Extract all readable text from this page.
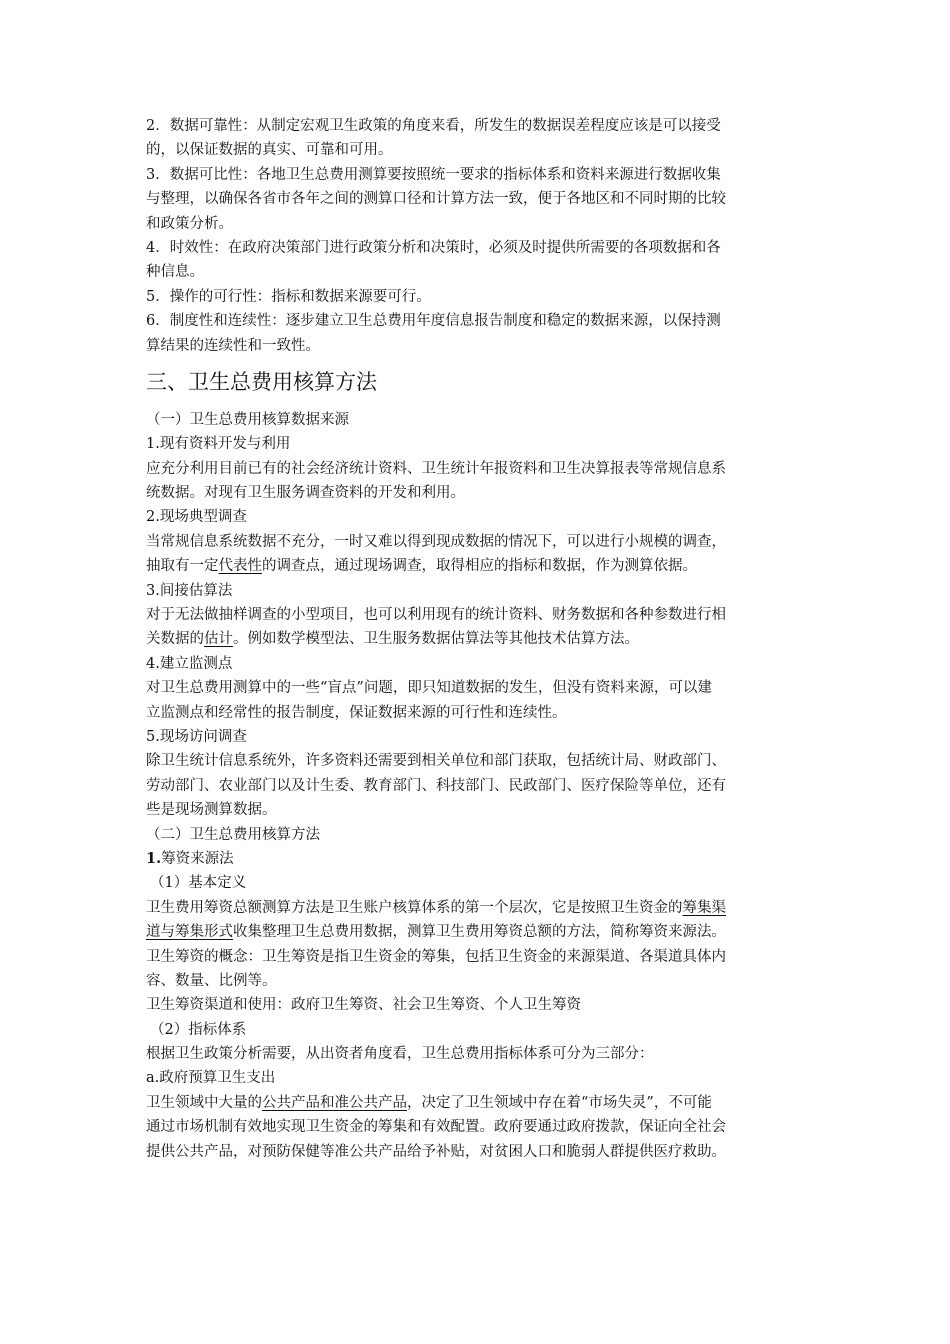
2．数据可靠性：从制定宏观卫生政策的角度来看，所发生的数据误差程度应该是可以接受
的，以保证数据的真实、可靠和可用。
3．数据可比性：各地卫生总费用测算要按照统一要求的指标体系和资料来源进行数据收集
与整理，以确保各省市各年之间的测算口径和计算方法一致，便于各地区和不同时期的比较
和政策分析。
4．时效性：在政府决策部门进行政策分析和决策时，必须及时提供所需要的各项数据和各
种信息。
5．操作的可行性：指标和数据来源要可行。
6．制度性和连续性：逐步建立卫生总费用年度信息报告制度和稳定的数据来源，以保持测
算结果的连续性和一致性。
三、卫生总费用核算方法
（一）卫生总费用核算数据来源
1.现有资料开发与利用
应充分利用目前已有的社会经济统计资料、卫生统计年报资料和卫生决算报表等常规信息系
统数据。对现有卫生服务调查资料的开发和利用。
2.现场典型调查
当常规信息系统数据不充分，一时又难以得到现成数据的情况下，可以进行小规模的调查，
抽取有一定代表性的调查点，通过现场调查，取得相应的指标和数据，作为测算依据。
3.间接估算法
对于无法做抽样调查的小型项目，也可以利用现有的统计资料、财务数据和各种参数进行相
关数据的估计。例如数学模型法、卫生服务数据估算法等其他技术估算方法。
4.建立监测点
对卫生总费用测算中的一些“盲点”问题，即只知道数据的发生，但没有资料来源，可以建
立监测点和经常性的报告制度，保证数据来源的可行性和连续性。
5.现场访问调查
除卫生统计信息系统外，许多资料还需要到相关单位和部门获取，包括统计局、财政部门、
劳动部门、农业部门以及计生委、教育部门、科技部门、民政部门、医疗保险等单位，还有
些是现场测算数据。
（二）卫生总费用核算方法
1.筹资来源法
（1）基本定义
卫生费用筹资总额测算方法是卫生账户核算体系的第一个层次，它是按照卫生资金的筹集渠
道与筹集形式收集整理卫生总费用数据，测算卫生费用筹资总额的方法，简称筹资来源法。
卫生筹资的概念：卫生筹资是指卫生资金的筹集，包括卫生资金的来源渠道、各渠道具体内
容、数量、比例等。
卫生筹资渠道和使用：政府卫生筹资、社会卫生筹资、个人卫生筹资
（2）指标体系
根据卫生政策分析需要，从出资者角度看，卫生总费用指标体系可分为三部分：
a.政府预算卫生支出
卫生领域中大量的公共产品和准公共产品，决定了卫生领域中存在着“市场失灵”，不可能
通过市场机制有效地实现卫生资金的筹集和有效配置。政府要通过政府拨款，保证向全社会
提供公共产品，对预防保健等准公共产品给予补贴，对贫困人口和脆弱人群提供医疗救助。
